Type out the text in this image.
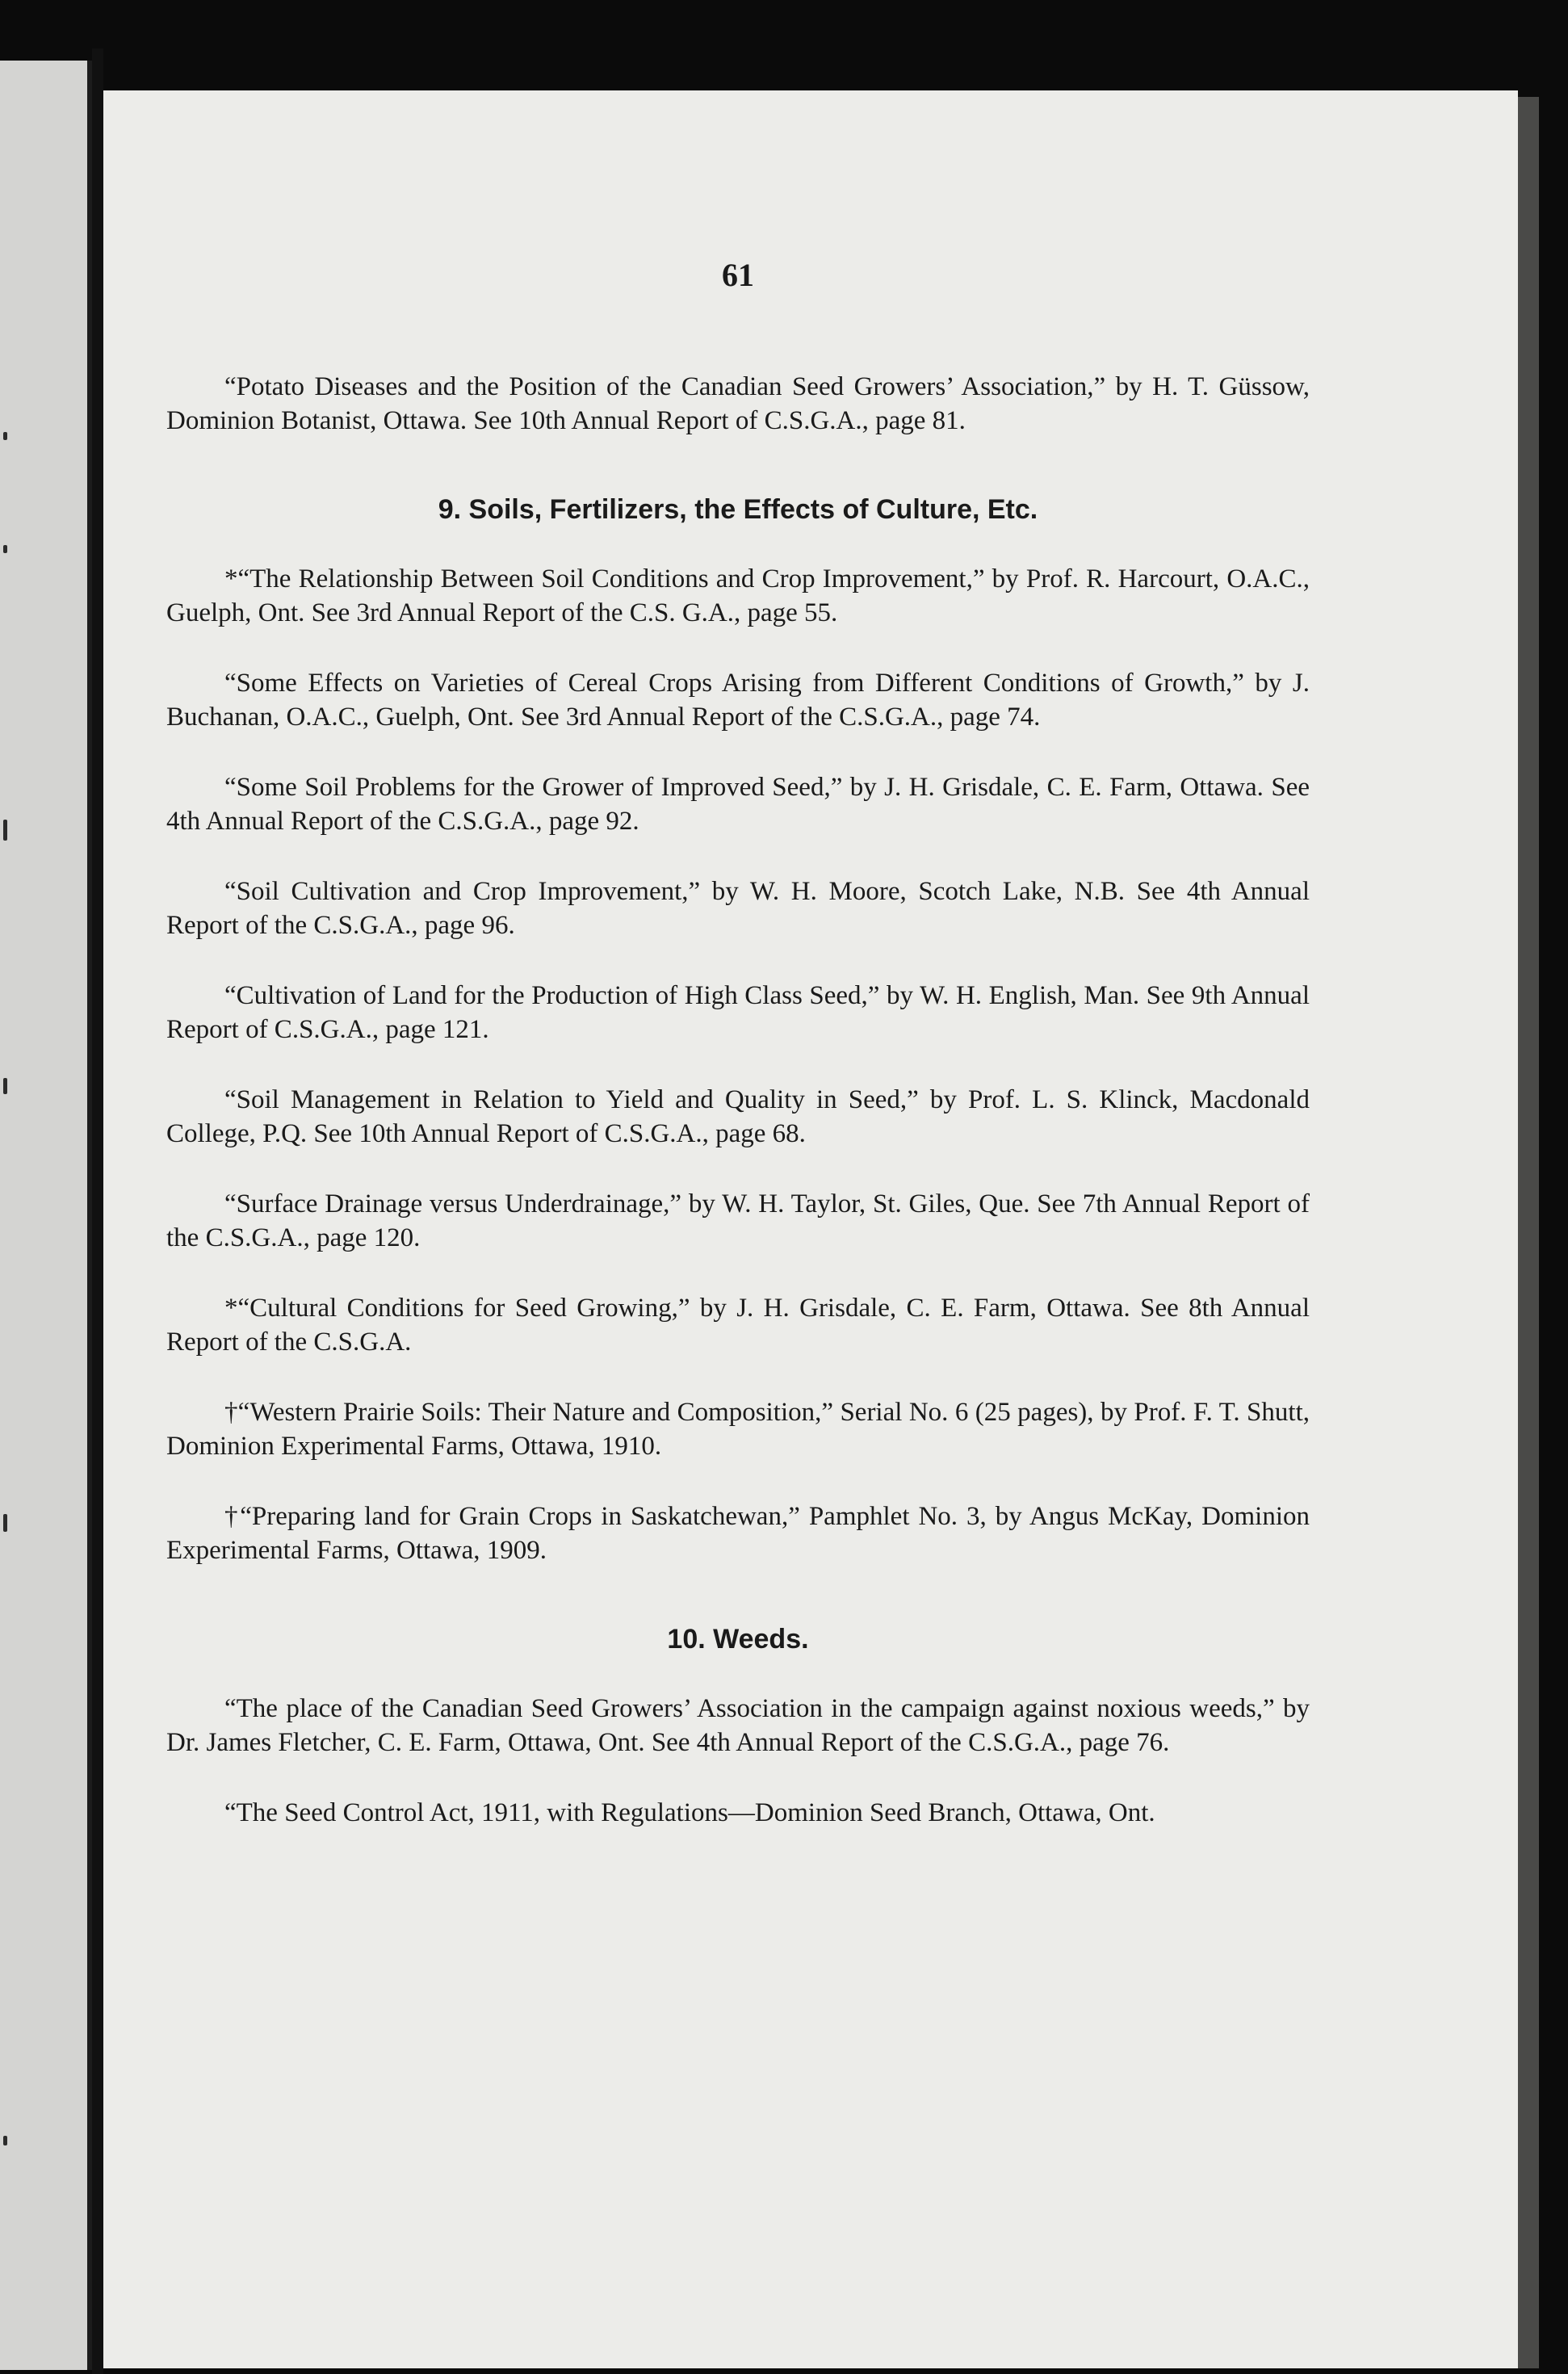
61

“Potato Diseases and the Position of the Canadian Seed Growers’ Association,” by H. T. Güssow, Dominion Botanist, Ottawa. See 10th Annual Report of C.S.G.A., page 81.

9. Soils, Fertilizers, the Effects of Culture, Etc.

*“The Relationship Between Soil Conditions and Crop Improvement,” by Prof. R. Harcourt, O.A.C., Guelph, Ont. See 3rd Annual Report of the C.S. G.A., page 55.

“Some Effects on Varieties of Cereal Crops Arising from Different Conditions of Growth,” by J. Buchanan, O.A.C., Guelph, Ont. See 3rd Annual Report of the C.S.G.A., page 74.

“Some Soil Problems for the Grower of Improved Seed,” by J. H. Grisdale, C. E. Farm, Ottawa. See 4th Annual Report of the C.S.G.A., page 92.

“Soil Cultivation and Crop Improvement,” by W. H. Moore, Scotch Lake, N.B. See 4th Annual Report of the C.S.G.A., page 96.

“Cultivation of Land for the Production of High Class Seed,” by W. H. English, Man. See 9th Annual Report of C.S.G.A., page 121.

“Soil Management in Relation to Yield and Quality in Seed,” by Prof. L. S. Klinck, Macdonald College, P.Q. See 10th Annual Report of C.S.G.A., page 68.

“Surface Drainage versus Underdrainage,” by W. H. Taylor, St. Giles, Que. See 7th Annual Report of the C.S.G.A., page 120.

*“Cultural Conditions for Seed Growing,” by J. H. Grisdale, C. E. Farm, Ottawa. See 8th Annual Report of the C.S.G.A.

†“Western Prairie Soils: Their Nature and Composition,” Serial No. 6 (25 pages), by Prof. F. T. Shutt, Dominion Experimental Farms, Ottawa, 1910.

†“Preparing land for Grain Crops in Saskatchewan,” Pamphlet No. 3, by Angus McKay, Dominion Experimental Farms, Ottawa, 1909.

10. Weeds.

“The place of the Canadian Seed Growers’ Association in the campaign against noxious weeds,” by Dr. James Fletcher, C. E. Farm, Ottawa, Ont. See 4th Annual Report of the C.S.G.A., page 76.

“The Seed Control Act, 1911, with Regulations—Dominion Seed Branch, Ottawa, Ont.
